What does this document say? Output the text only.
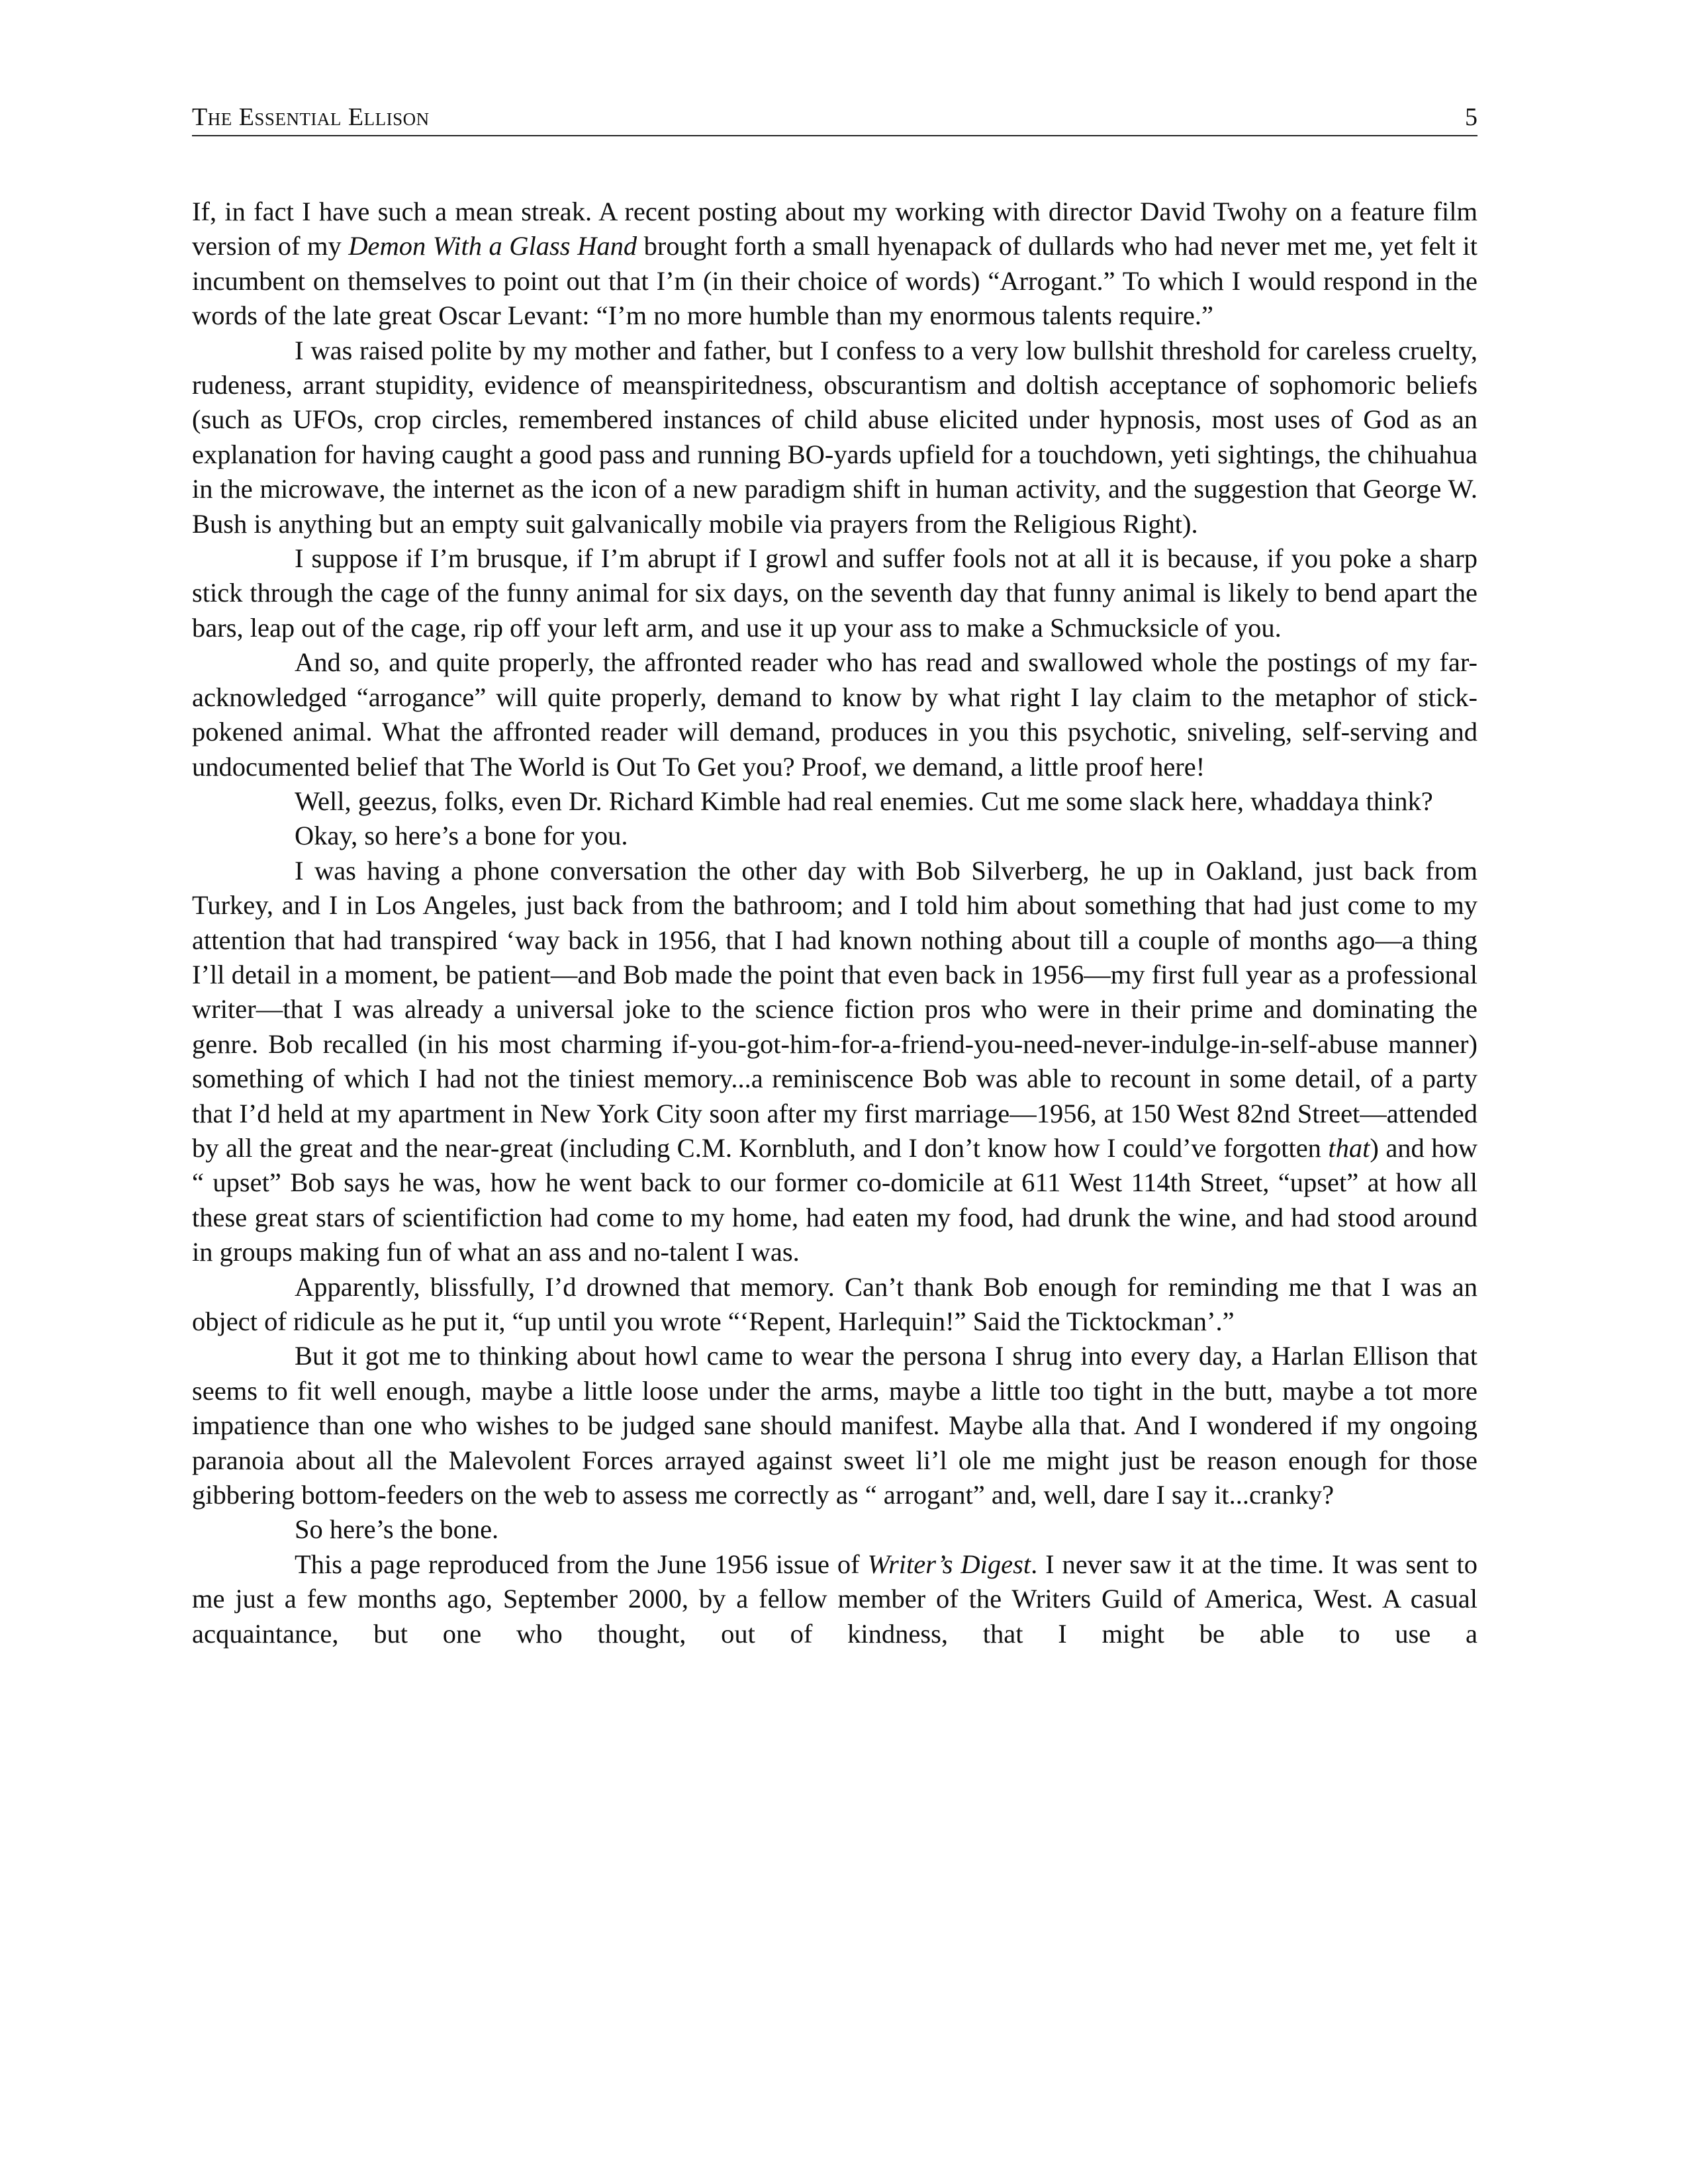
The Essential Ellison	5

If, in fact I have such a mean streak. A recent posting about my working with director David Twohy on a feature film version of my Demon With a Glass Hand brought forth a small hyenapack of dullards who had never met me, yet felt it incumbent on themselves to point out that I’m (in their choice of words) “Arrogant.” To which I would respond in the words of the late great Oscar Levant: “I’m no more humble than my enormous talents require.”

I was raised polite by my mother and father, but I confess to a very low bullshit threshold for careless cruelty, rudeness, arrant stupidity, evidence of meanspiritedness, obscurantism and doltish acceptance of sophomoric beliefs (such as UFOs, crop circles, remembered instances of child abuse elicited under hypnosis, most uses of God as an explanation for having caught a good pass and running BO-yards upfield for a touchdown, yeti sightings, the chihuahua in the microwave, the internet as the icon of a new paradigm shift in human activity, and the suggestion that George W. Bush is anything but an empty suit galvanically mobile via prayers from the Religious Right).

I suppose if I’m brusque, if I’m abrupt if I growl and suffer fools not at all it is because, if you poke a sharp stick through the cage of the funny animal for six days, on the seventh day that funny animal is likely to bend apart the bars, leap out of the cage, rip off your left arm, and use it up your ass to make a Schmucksicle of you.

And so, and quite properly, the affronted reader who has read and swallowed whole the postings of my far-acknowledged “arrogance” will quite properly, demand to know by what right I lay claim to the metaphor of stick-pokened animal. What the affronted reader will demand, produces in you this psychotic, sniveling, self-serving and undocumented belief that The World is Out To Get you? Proof, we demand, a little proof here!

Well, geezus, folks, even Dr. Richard Kimble had real enemies. Cut me some slack here, whaddaya think?

Okay, so here’s a bone for you.

I was having a phone conversation the other day with Bob Silverberg, he up in Oakland, just back from Turkey, and I in Los Angeles, just back from the bathroom; and I told him about something that had just come to my attention that had transpired ‘way back in 1956, that I had known nothing about till a couple of months ago—a thing I’ll detail in a moment, be patient—and Bob made the point that even back in 1956—my first full year as a professional writer—that I was already a universal joke to the science fiction pros who were in their prime and dominating the genre. Bob recalled (in his most charming if-you-got-him-for-a-friend-you-need-never-indulge-in-self-abuse manner) something of which I had not the tiniest memory...a reminiscence Bob was able to recount in some detail, of a party that I’d held at my apartment in New York City soon after my first marriage—1956, at 150 West 82nd Street—attended by all the great and the near-great (including C.M. Kornbluth, and I don’t know how I could’ve forgotten that) and how “ upset” Bob says he was, how he went back to our former co-domicile at 611 West 114th Street, “upset” at how all these great stars of scientifiction had come to my home, had eaten my food, had drunk the wine, and had stood around in groups making fun of what an ass and no-talent I was.

Apparently, blissfully, I’d drowned that memory. Can’t thank Bob enough for reminding me that I was an object of ridicule as he put it, “up until you wrote “‘Repent, Harlequin!” Said the Ticktockman’.”

But it got me to thinking about howl came to wear the persona I shrug into every day, a Harlan Ellison that seems to fit well enough, maybe a little loose under the arms, maybe a little too tight in the butt, maybe a tot more impatience than one who wishes to be judged sane should manifest. Maybe alla that. And I wondered if my ongoing paranoia about all the Malevolent Forces arrayed against sweet li’l ole me might just be reason enough for those gibbering bottom-feeders on the web to assess me correctly as “ arrogant” and, well, dare I say it...cranky?

So here’s the bone.

This a page reproduced from the June 1956 issue of Writer’s Digest. I never saw it at the time. It was sent to me just a few months ago, September 2000, by a fellow member of the Writers Guild of America, West. A casual acquaintance, but one who thought, out of kindness, that I might be able to use a
